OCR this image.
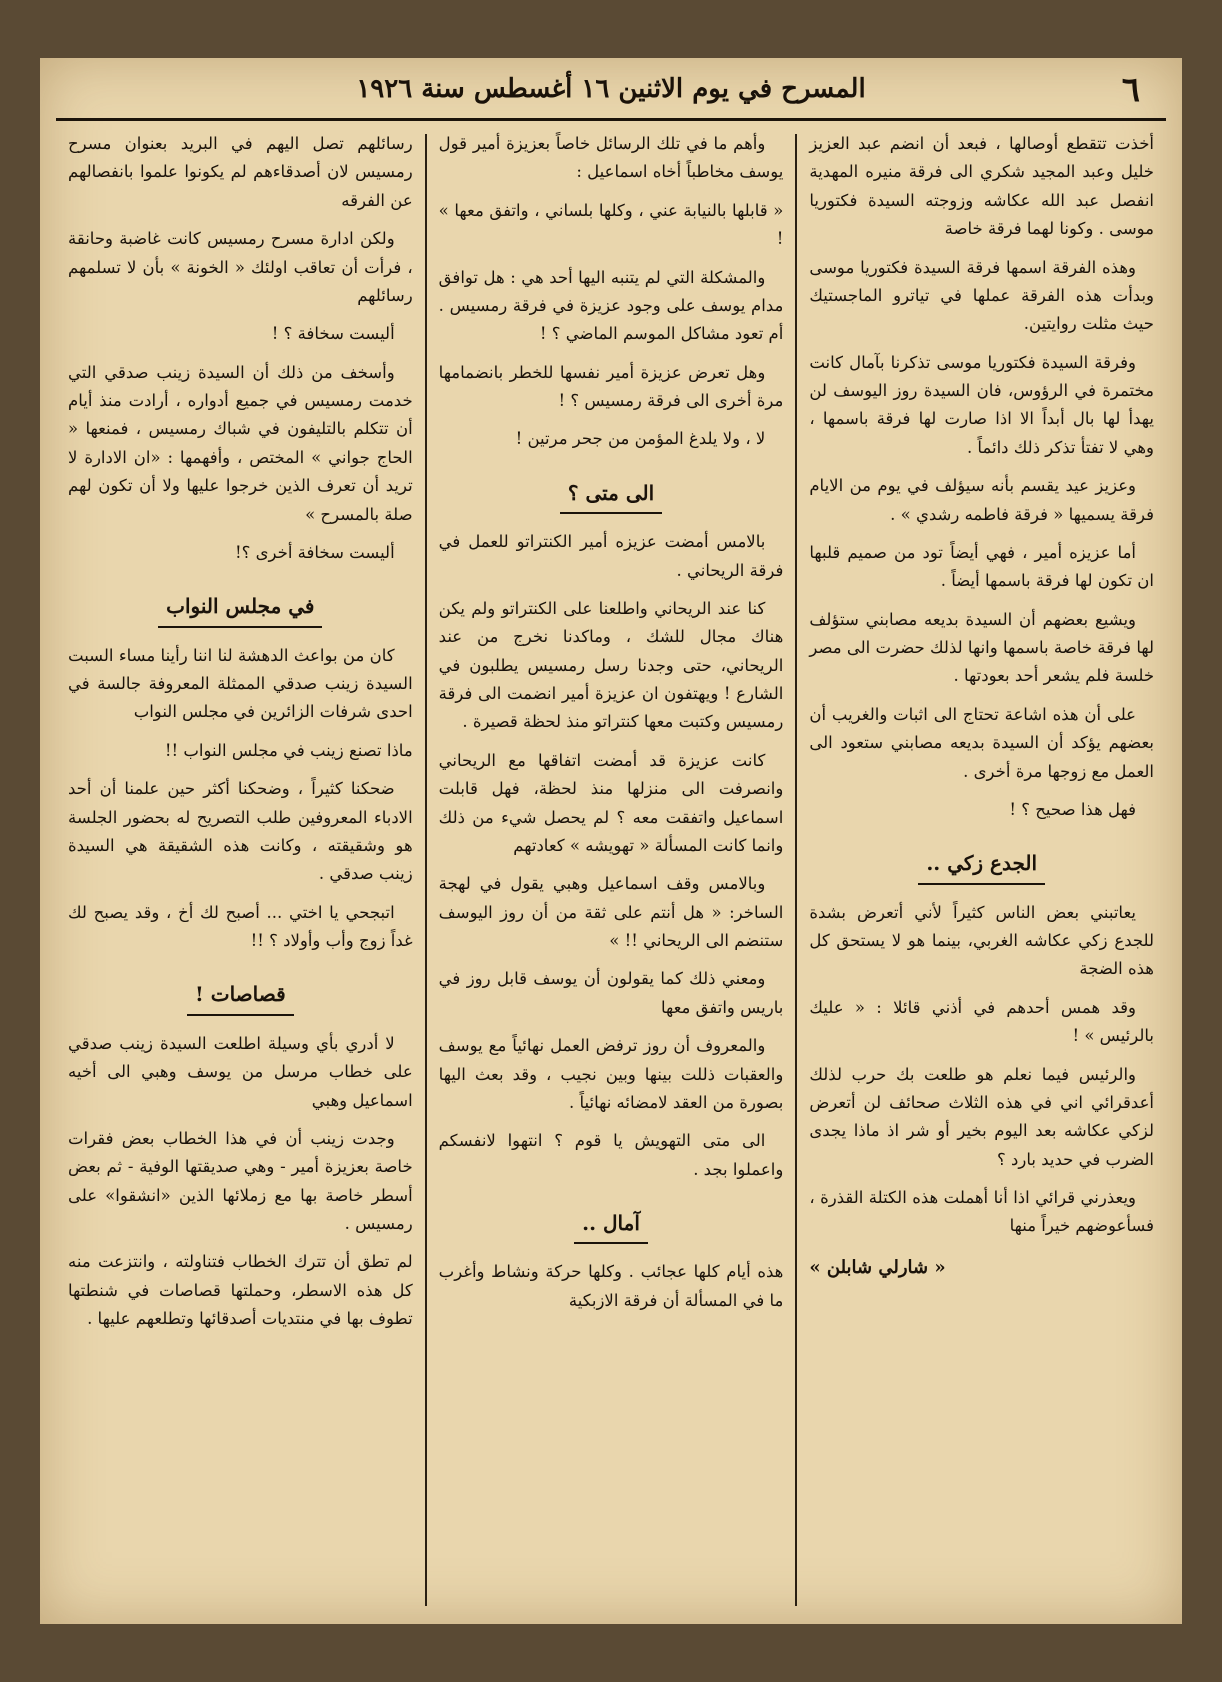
٦
المسرح في يوم الاثنين ١٦ أغسطس سنة ١٩٢٦

رسائلهم تصل اليهم في البريد بعنوان مسرح رمسيس لان أصدقاءهم لم يكونوا علموا بانفصالهم عن الفرقه

ولكن ادارة مسرح رمسيس كانت غاضبة وحانقة ، فرأت أن تعاقب اولئك « الخونة » بأن لا تسلمهم رسائلهم

أليست سخافة ؟ !

وأسخف من ذلك أن السيدة زينب صدقي التي خدمت رمسيس في جميع أدواره ، أرادت منذ أيام أن تتكلم بالتليفون في شباك رمسيس ، فمنعها « الحاج جواني » المختص ، وأفهمها : «ان الادارة لا تريد أن تعرف الذين خرجوا عليها ولا أن تكون لهم صلة بالمسرح »

أليست سخافة أخرى ؟!

في مجلس النواب

كان من بواعث الدهشة لنا اننا رأينا مساء السبت السيدة زينب صدقي الممثلة المعروفة جالسة في احدى شرفات الزائرين في مجلس النواب

ماذا تصنع زينب في مجلس النواب !!

ضحكنا كثيراً ، وضحكنا أكثر حين علمنا أن أحد الادباء المعروفين طلب التصريح له بحضور الجلسة هو وشقيقته ، وكانت هذه الشقيقة هي السيدة زينب صدقي .

اتبجحي يا اختي ... أصبح لك أخ ، وقد يصبح لك غداً زوج وأب وأولاد ؟ !!

قصاصات !

لا أدري بأي وسيلة اطلعت السيدة زينب صدقي على خطاب مرسل من يوسف وهبي الى أخيه اسماعيل وهبي

وجدت زينب أن في هذا الخطاب بعض فقرات خاصة بعزيزة أمير - وهي صديقتها الوفية - ثم بعض أسطر خاصة بها مع زملائها الذين «انشقوا» على رمسيس .

لم تطق أن تترك الخطاب فتناولته ، وانتزعت منه كل هذه الاسطر، وحملتها قصاصات في شنطتها تطوف بها في منتديات أصدقائها وتطلعهم عليها .

وأهم ما في تلك الرسائل خاصاً بعزيزة أمير قول يوسف مخاطباً أخاه اسماعيل :

« قابلها بالنيابة عني ، وكلها بلساني ، واتفق معها » !

والمشكلة التي لم يتنبه اليها أحد هي : هل توافق مدام يوسف على وجود عزيزة في فرقة رمسيس . أم تعود مشاكل الموسم الماضي ؟ !

وهل تعرض عزيزة أمير نفسها للخطر بانضمامها مرة أخرى الى فرقة رمسيس ؟ !

لا ، ولا يلدغ المؤمن من جحر مرتين !

الى متى ؟

بالامس أمضت عزيزه أمير الكنتراتو للعمل في فرقة الريحاني .

كنا عند الريحاني واطلعنا على الكنتراتو ولم يكن هناك مجال للشك ، وماكدنا نخرج من عند الريحاني، حتى وجدنا رسل رمسيس يطلبون في الشارع ! ويهتفون ان عزيزة أمير انضمت الى فرقة رمسيس وكتبت معها كنتراتو منذ لحظة قصيرة .

كانت عزيزة قد أمضت اتفاقها مع الريحاني وانصرفت الى منزلها منذ لحظة، فهل قابلت اسماعيل واتفقت معه ؟ لم يحصل شيء من ذلك وانما كانت المسألة « تهويشه » كعادتهم

وبالامس وقف اسماعيل وهبي يقول في لهجة الساخر: « هل أنتم على ثقة من أن روز اليوسف ستنضم الى الريحاني !! »

ومعني ذلك كما يقولون أن يوسف قابل روز في باريس واتفق معها

والمعروف أن روز ترفض العمل نهائياً مع يوسف والعقبات ذللت بينها وبين نجيب ، وقد بعث اليها بصورة من العقد لامضائه نهائياً .

الى متى التهويش يا قوم ؟ انتهوا لانفسكم واعملوا بجد .

آمال ..

هذه أيام كلها عجائب . وكلها حركة ونشاط وأغرب ما في المسألة أن فرقة الازبكية

أخذت تتقطع أوصالها ، فبعد أن انضم عبد العزيز خليل وعبد المجيد شكري الى فرقة منيره المهدية انفصل عبد الله عكاشه وزوجته السيدة فكتوريا موسى . وكونا لهما فرقة خاصة

وهذه الفرقة اسمها فرقة السيدة فكتوريا موسى وبدأت هذه الفرقة عملها في تياترو الماجستيك حيث مثلت روايتين.

وفرقة السيدة فكتوريا موسى تذكرنا بآمال كانت مختمرة في الرؤوس، فان السيدة روز اليوسف لن يهدأ لها بال أبداً الا اذا صارت لها فرقة باسمها ، وهي لا تفتأ تذكر ذلك دائماً .

وعزيز عيد يقسم بأنه سيؤلف في يوم من الايام فرقة يسميها « فرقة فاطمه رشدي » .

أما عزيزه أمير ، فهي أيضاً تود من صميم قلبها ان تكون لها فرقة باسمها أيضاً .

ويشيع بعضهم أن السيدة بديعه مصابني ستؤلف لها فرقة خاصة باسمها وانها لذلك حضرت الى مصر خلسة فلم يشعر أحد بعودتها .

على أن هذه اشاعة تحتاج الى اثبات والغريب أن بعضهم يؤكد أن السيدة بديعه مصابني ستعود الى العمل مع زوجها مرة أخرى .

فهل هذا صحيح ؟ !

الجدع زكي ..

يعاتبني بعض الناس كثيراً لأني أتعرض بشدة للجدع زكي عكاشه الغربي، بينما هو لا يستحق كل هذه الضجة

وقد همس أحدهم في أذني قائلا : « عليك بالرئيس » !

والرئيس فيما نعلم هو طلعت بك حرب لذلك أعدقرائي اني في هذه الثلاث صحائف لن أتعرض لزكي عكاشه بعد اليوم بخير أو شر اذ ماذا يجدى الضرب في حديد بارد ؟

ويعذرني قرائي اذا أنا أهملت هذه الكتلة القذرة ، فسأعوضهم خيراً منها

« شارلي شابلن »
